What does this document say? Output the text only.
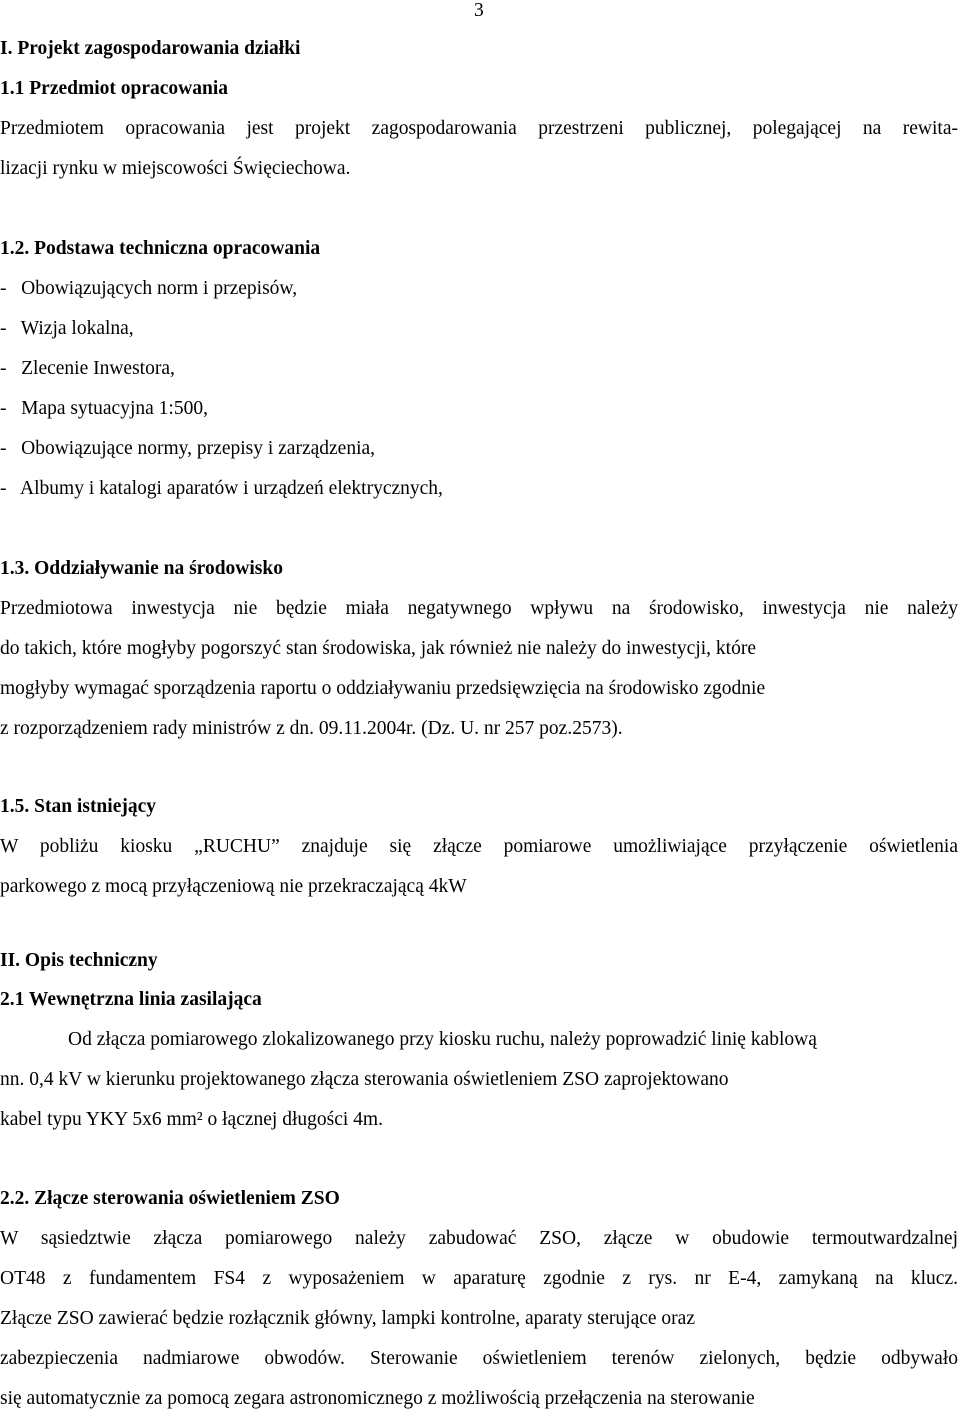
3
I. Projekt zagospodarowania działki
1.1 Przedmiot opracowania
Przedmiotem opracowania jest projekt zagospodarowania przestrzeni publicznej, polegającej na rewita-
lizacji rynku w miejscowości Święciechowa.
1.2. Podstawa techniczna opracowania
-   Obowiązujących norm i przepisów,
-   Wizja lokalna,
-   Zlecenie Inwestora,
-   Mapa sytuacyjna 1:500,
-   Obowiązujące normy, przepisy i zarządzenia,
-   Albumy i katalogi aparatów i urządzeń elektrycznych,
1.3. Oddziaływanie na środowisko
Przedmiotowa inwestycja nie będzie miała negatywnego wpływu na środowisko, inwestycja nie należy
do takich, które mogłyby pogorszyć stan środowiska, jak również nie należy do inwestycji, które
mogłyby wymagać sporządzenia raportu o oddziaływaniu przedsięwzięcia na środowisko zgodnie
z rozporządzeniem rady ministrów z dn. 09.11.2004r. (Dz. U. nr 257 poz.2573).
1.5. Stan istniejący
W pobliżu kiosku „RUCHU” znajduje się złącze pomiarowe umożliwiające przyłączenie oświetlenia
parkowego z mocą przyłączeniową nie przekraczającą 4kW
II. Opis techniczny
2.1 Wewnętrzna linia zasilająca
Od złącza pomiarowego zlokalizowanego przy kiosku ruchu, należy poprowadzić linię kablową
nn. 0,4 kV w kierunku projektowanego złącza sterowania oświetleniem ZSO zaprojektowano
kabel typu YKY 5x6 mm² o łącznej długości 4m.
2.2. Złącze sterowania oświetleniem ZSO
W sąsiedztwie złącza pomiarowego należy zabudować ZSO, złącze w obudowie termoutwardzalnej
OT48 z fundamentem FS4 z wyposażeniem w aparaturę zgodnie z rys. nr E-4, zamykaną na klucz.
Złącze ZSO zawierać będzie rozłącznik główny, lampki kontrolne, aparaty sterujące oraz
zabezpieczenia nadmiarowe obwodów. Sterowanie oświetleniem terenów zielonych, będzie odbywało
się automatycznie za pomocą zegara astronomicznego z możliwością przełączenia na sterowanie
